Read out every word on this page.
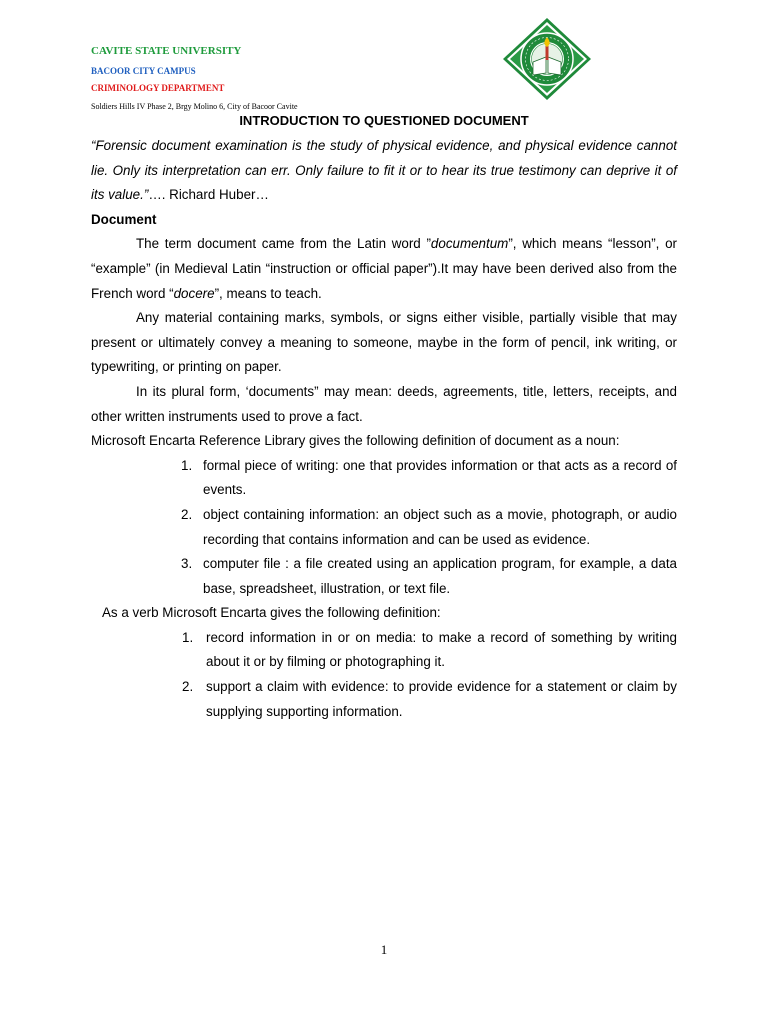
CAVITE STATE UNIVERSITY
BACOOR CITY CAMPUS
CRIMINOLOGY DEPARTMENT
Soldiers Hills IV Phase 2, Brgy Molino 6, City of Bacoor Cavite
INTRODUCTION TO QUESTIONED DOCUMENT

“Forensic document examination is the study of physical evidence, and physical evidence cannot lie. Only its interpretation can err. Only failure to fit it or to hear its true testimony can deprive it of its value.”…. Richard Huber…

Document

The term document came from the Latin word ”documentum”, which means “lesson”, or “example” (in Medieval Latin “instruction or official paper”).It may have been derived also from the French word “docere”, means to teach.

Any material containing marks, symbols, or signs either visible, partially visible that may present or ultimately convey a meaning to someone, maybe in the form of pencil, ink writing, or typewriting, or printing on paper.

In its plural form, ‘documents” may mean: deeds, agreements, title, letters, receipts, and other written instruments used to prove a fact.

Microsoft Encarta Reference Library gives the following definition of document as a noun:

1. formal piece of writing: one that provides information or that acts as a record of events.
2. object containing information: an object such as a movie, photograph, or audio recording that contains information and can be used as evidence.
3. computer file : a file created using an application program, for example, a data base, spreadsheet, illustration, or text file.

As a verb Microsoft Encarta gives the following definition:

1. record information in or on media: to make a record of something by writing about it or by filming or photographing it.
2. support a claim with evidence: to provide evidence for a statement or claim by supplying supporting information.
1
